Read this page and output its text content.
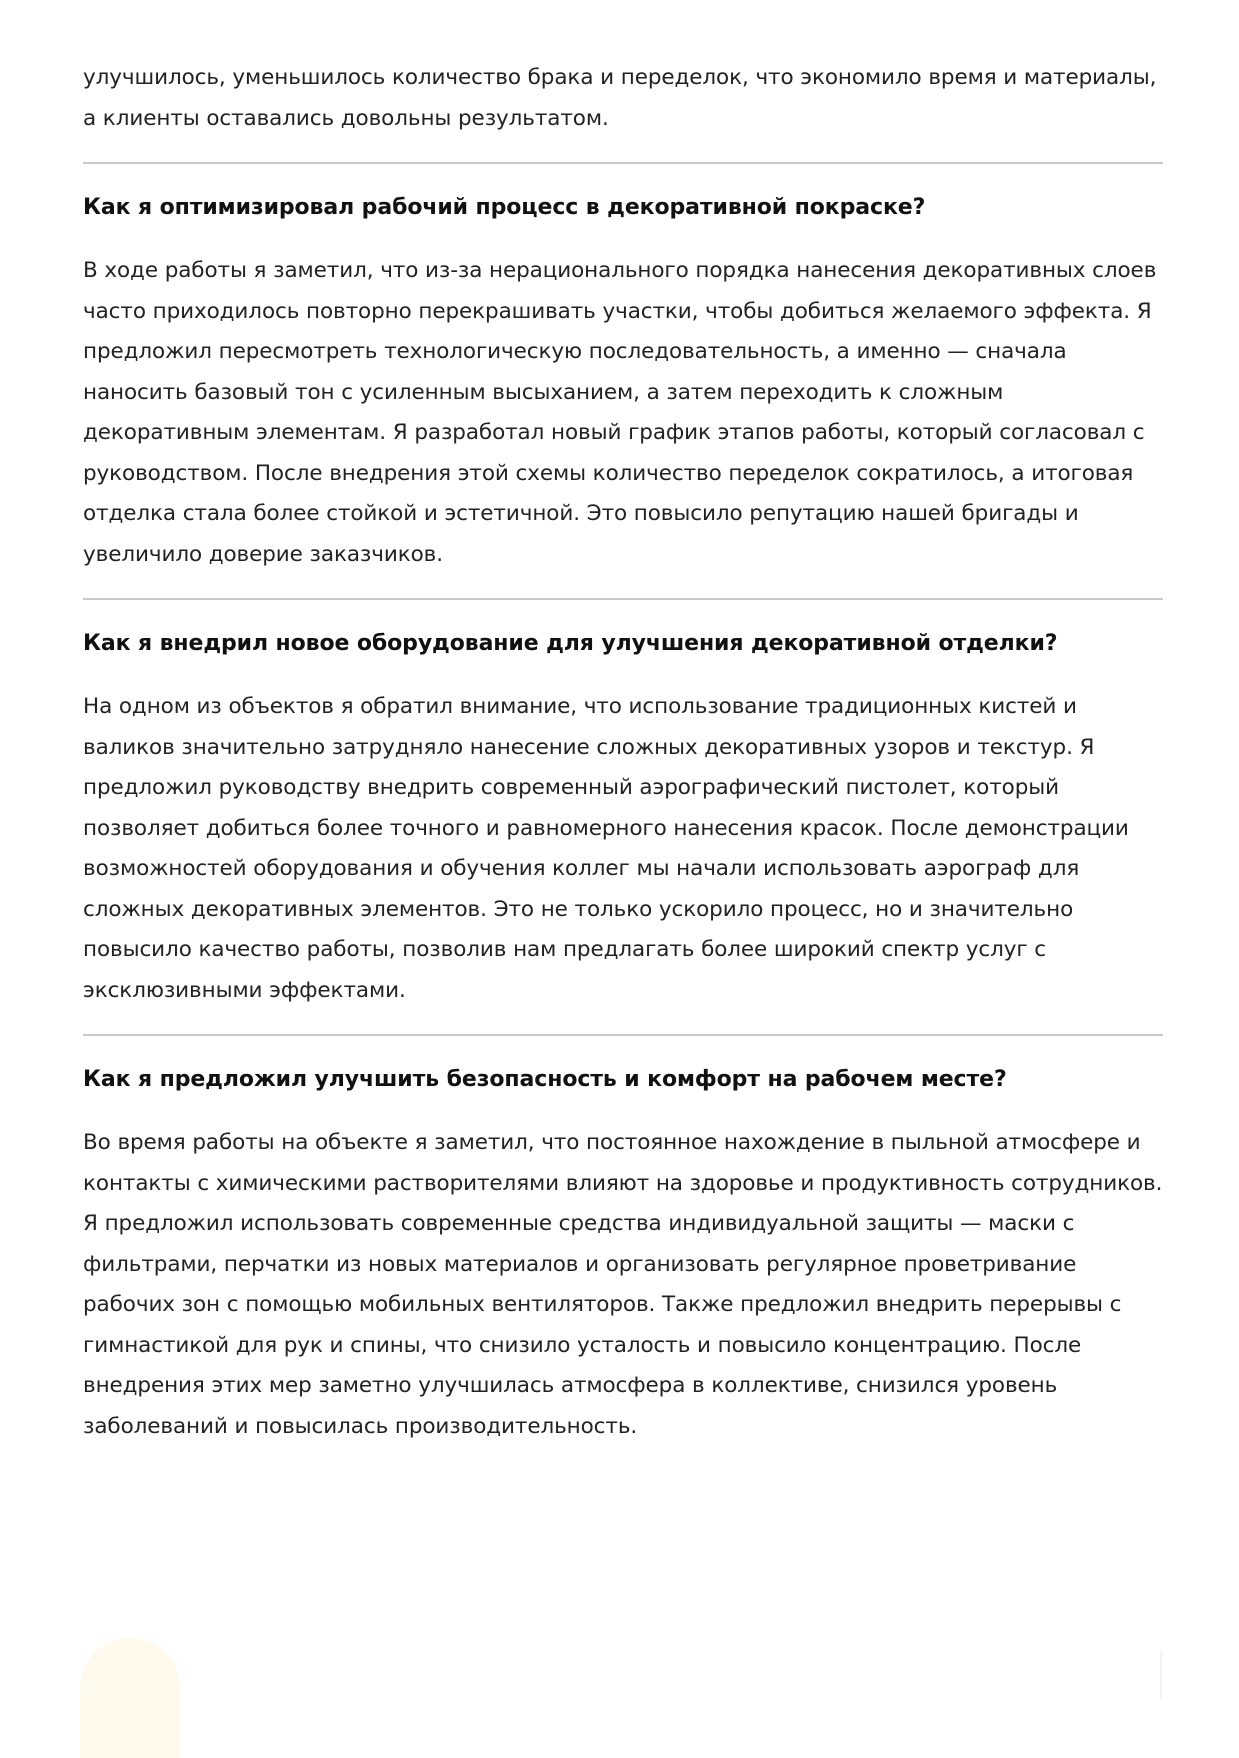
улучшилось, уменьшилось количество брака и переделок, что экономило время и материалы, а клиенты оставались довольны результатом.

Как я оптимизировал рабочий процесс в декоративной покраске?

В ходе работы я заметил, что из-за нерационального порядка нанесения декоративных слоев часто приходилось повторно перекрашивать участки, чтобы добиться желаемого эффекта. Я предложил пересмотреть технологическую последовательность, а именно — сначала наносить базовый тон с усиленным высыханием, а затем переходить к сложным декоративным элементам. Я разработал новый график этапов работы, который согласовал с руководством. После внедрения этой схемы количество переделок сократилось, а итоговая отделка стала более стойкой и эстетичной. Это повысило репутацию нашей бригады и увеличило доверие заказчиков.

Как я внедрил новое оборудование для улучшения декоративной отделки?

На одном из объектов я обратил внимание, что использование традиционных кистей и валиков значительно затрудняло нанесение сложных декоративных узоров и текстур. Я предложил руководству внедрить современный аэрографический пистолет, который позволяет добиться более точного и равномерного нанесения красок. После демонстрации возможностей оборудования и обучения коллег мы начали использовать аэрограф для сложных декоративных элементов. Это не только ускорило процесс, но и значительно повысило качество работы, позволив нам предлагать более широкий спектр услуг с эксклюзивными эффектами.

Как я предложил улучшить безопасность и комфорт на рабочем месте?

Во время работы на объекте я заметил, что постоянное нахождение в пыльной атмосфере и контакты с химическими растворителями влияют на здоровье и продуктивность сотрудников. Я предложил использовать современные средства индивидуальной защиты — маски с фильтрами, перчатки из новых материалов и организовать регулярное проветривание рабочих зон с помощью мобильных вентиляторов. Также предложил внедрить перерывы с гимнастикой для рук и спины, что снизило усталость и повысило концентрацию. После внедрения этих мер заметно улучшилась атмосфера в коллективе, снизился уровень заболеваний и повысилась производительность.
